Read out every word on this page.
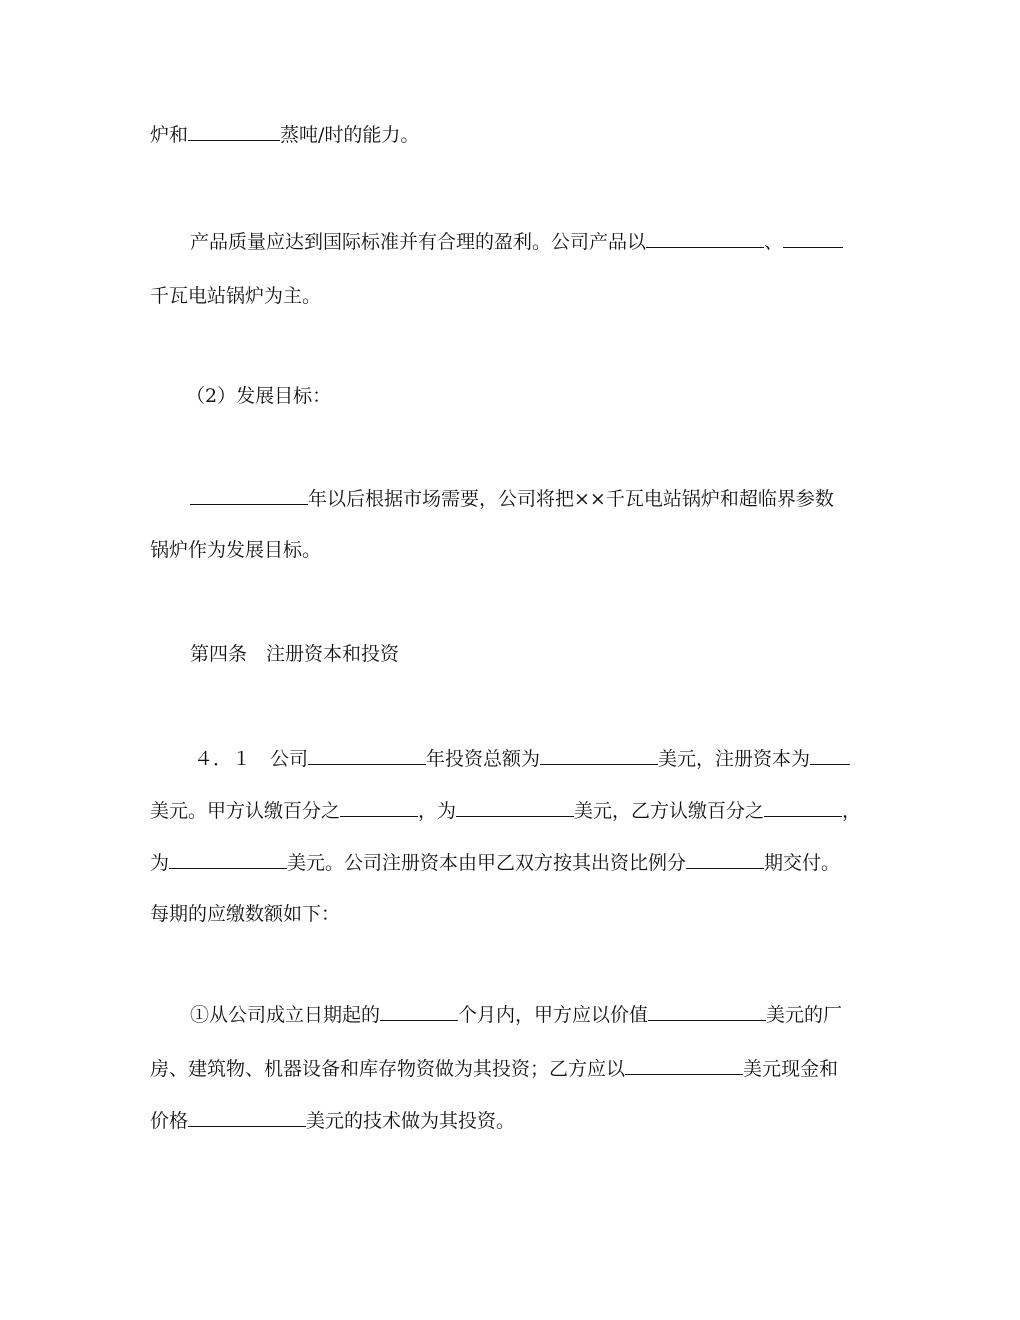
炉和	蒸吨/时的能力。
产品质量应达到国际标准并有合理的盈利。公司产品以	、
千瓦电站锅炉为主。
（2）发展目标：
年以后根据市场需要，公司将把××千瓦电站锅炉和超临界参数
锅炉作为发展目标。
第四条　注册资本和投资
４．１　公司	年投资总额为	美元，注册资本为
美元。甲方认缴百分之	，为	美元，乙方认缴百分之	，
为	美元。公司注册资本由甲乙双方按其出资比例分	期交付。
每期的应缴数额如下：
①从公司成立日期起的	个月内，甲方应以价值	美元的厂
房、建筑物、机器设备和库存物资做为其投资；乙方应以	美元现金和
价格	美元的技术做为其投资。
